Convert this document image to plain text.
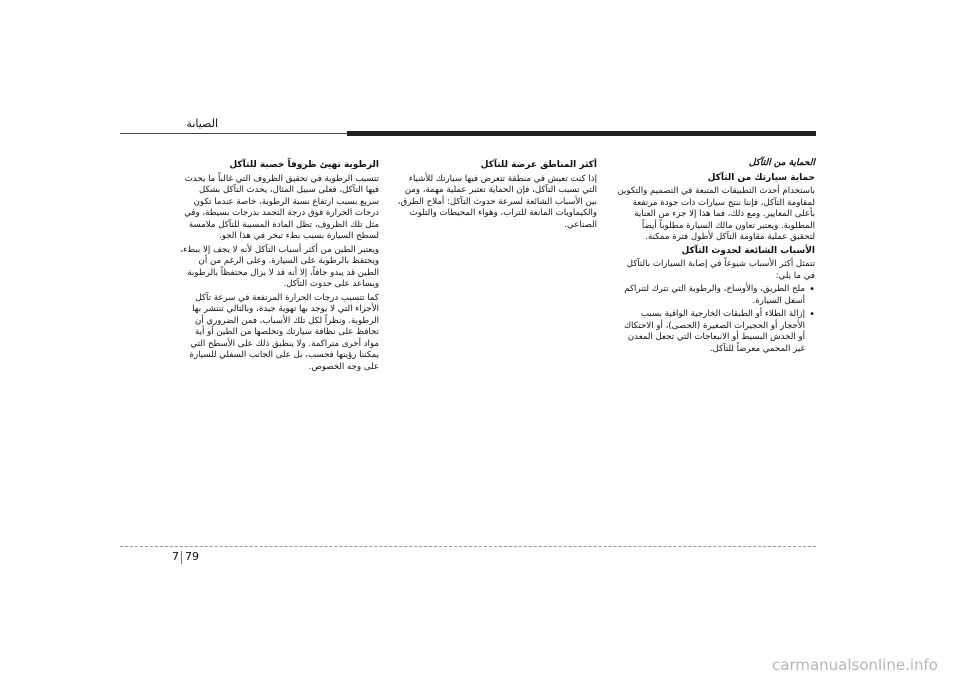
الصيانة
الحماية من التآكل
حماية سيارتك من التآكل

باستخدام أحدث التطبيقات المتبعة في التصميم والتكوين لمقاومة التآكل، فإننا ننتج سيارات ذات جودة مرتفعة بأعلى المعايير. ومع ذلك، فما هذا إلا جزء من العناية المطلوبة. ويعتبر تعاون مالك السيارة مطلوباً أيضاً لتحقيق عملية مقاومة التآكل لأطول فترة ممكنة.

الأسباب الشائعة لحدوث التآكل

تتمثل أكثر الأسباب شيوعاً في إصابة السيارات بالتآكل في ما يلي:

• ملح الطريق، والأوساخ، والرطوبة التي تترك لتتراكم أسفل السيارة.
• إزالة الطلاء أو الطبقات الخارجية الواقية بسبب الأحجار أو الحجيرات الصغيرة (الحصى)، أو الاحتكاك أو الخدش البسيط أو الانبعاجات التي تجعل المعدن غير المحمي معرضاً للتآكل.
أكثر المناطق عرضة للتآكل

إذا كنت تعيش في منطقة تتعرض فيها سيارتك للأشياء التي تسبب التآكل، فإن الحماية تعتبر عملية مهمة، ومن بين الأسباب الشائعة لسرعة حدوث التآكل: أملاح الطرق، والكيماويات المانعة للتراب، وهواء المحيطات والتلوث الصناعي.

الرطوبة تهيئ ظروفاً خصبة للتآكل

تتسبب الرطوبة في تحقيق الظروف التي غالباً ما يحدث فيها التآكل، فعلى سبيل المثال، يحدث التآكل بشكل سريع بسبب ارتفاع نسبة الرطوبة، خاصة عندما تكون درجات الحرارة فوق درجة التجمد بدرجات بسيطة، وفي مثل تلك الظروف، تظل المادة المسببة للتآكل ملامسة لسطح السيارة بسبب بطء تبخر في هذا الجو.

ويعتبر الطين من أكثر أسباب التآكل لأنه لا يجف إلا ببطء، ويحتفظ بالرطوبة على السيارة. وعلى الرغم من أن الطين قد يبدو جافاً، إلا أنه قد لا يزال محتفظاً بالرطوبة ويساعد على حدوث التآكل.

كما تتسبب درجات الحرارة المرتفعة في سرعة تآكل الأجزاء التي لا يوجد بها تهوية جيدة، وبالتالي تنتشر بها الرطوبة. ونظراً لكل تلك الأسباب، فمن الضروري أن تحافظ على نظافة سيارتك وتخلصها من الطين أو أية مواد أخرى متراكمة. ولا ينطبق ذلك على الأسطح التي يمكننا رؤيتها فحسب، بل على الجانب السفلي للسيارة على وجه الخصوص.

7 79
carmanualsonline.info
